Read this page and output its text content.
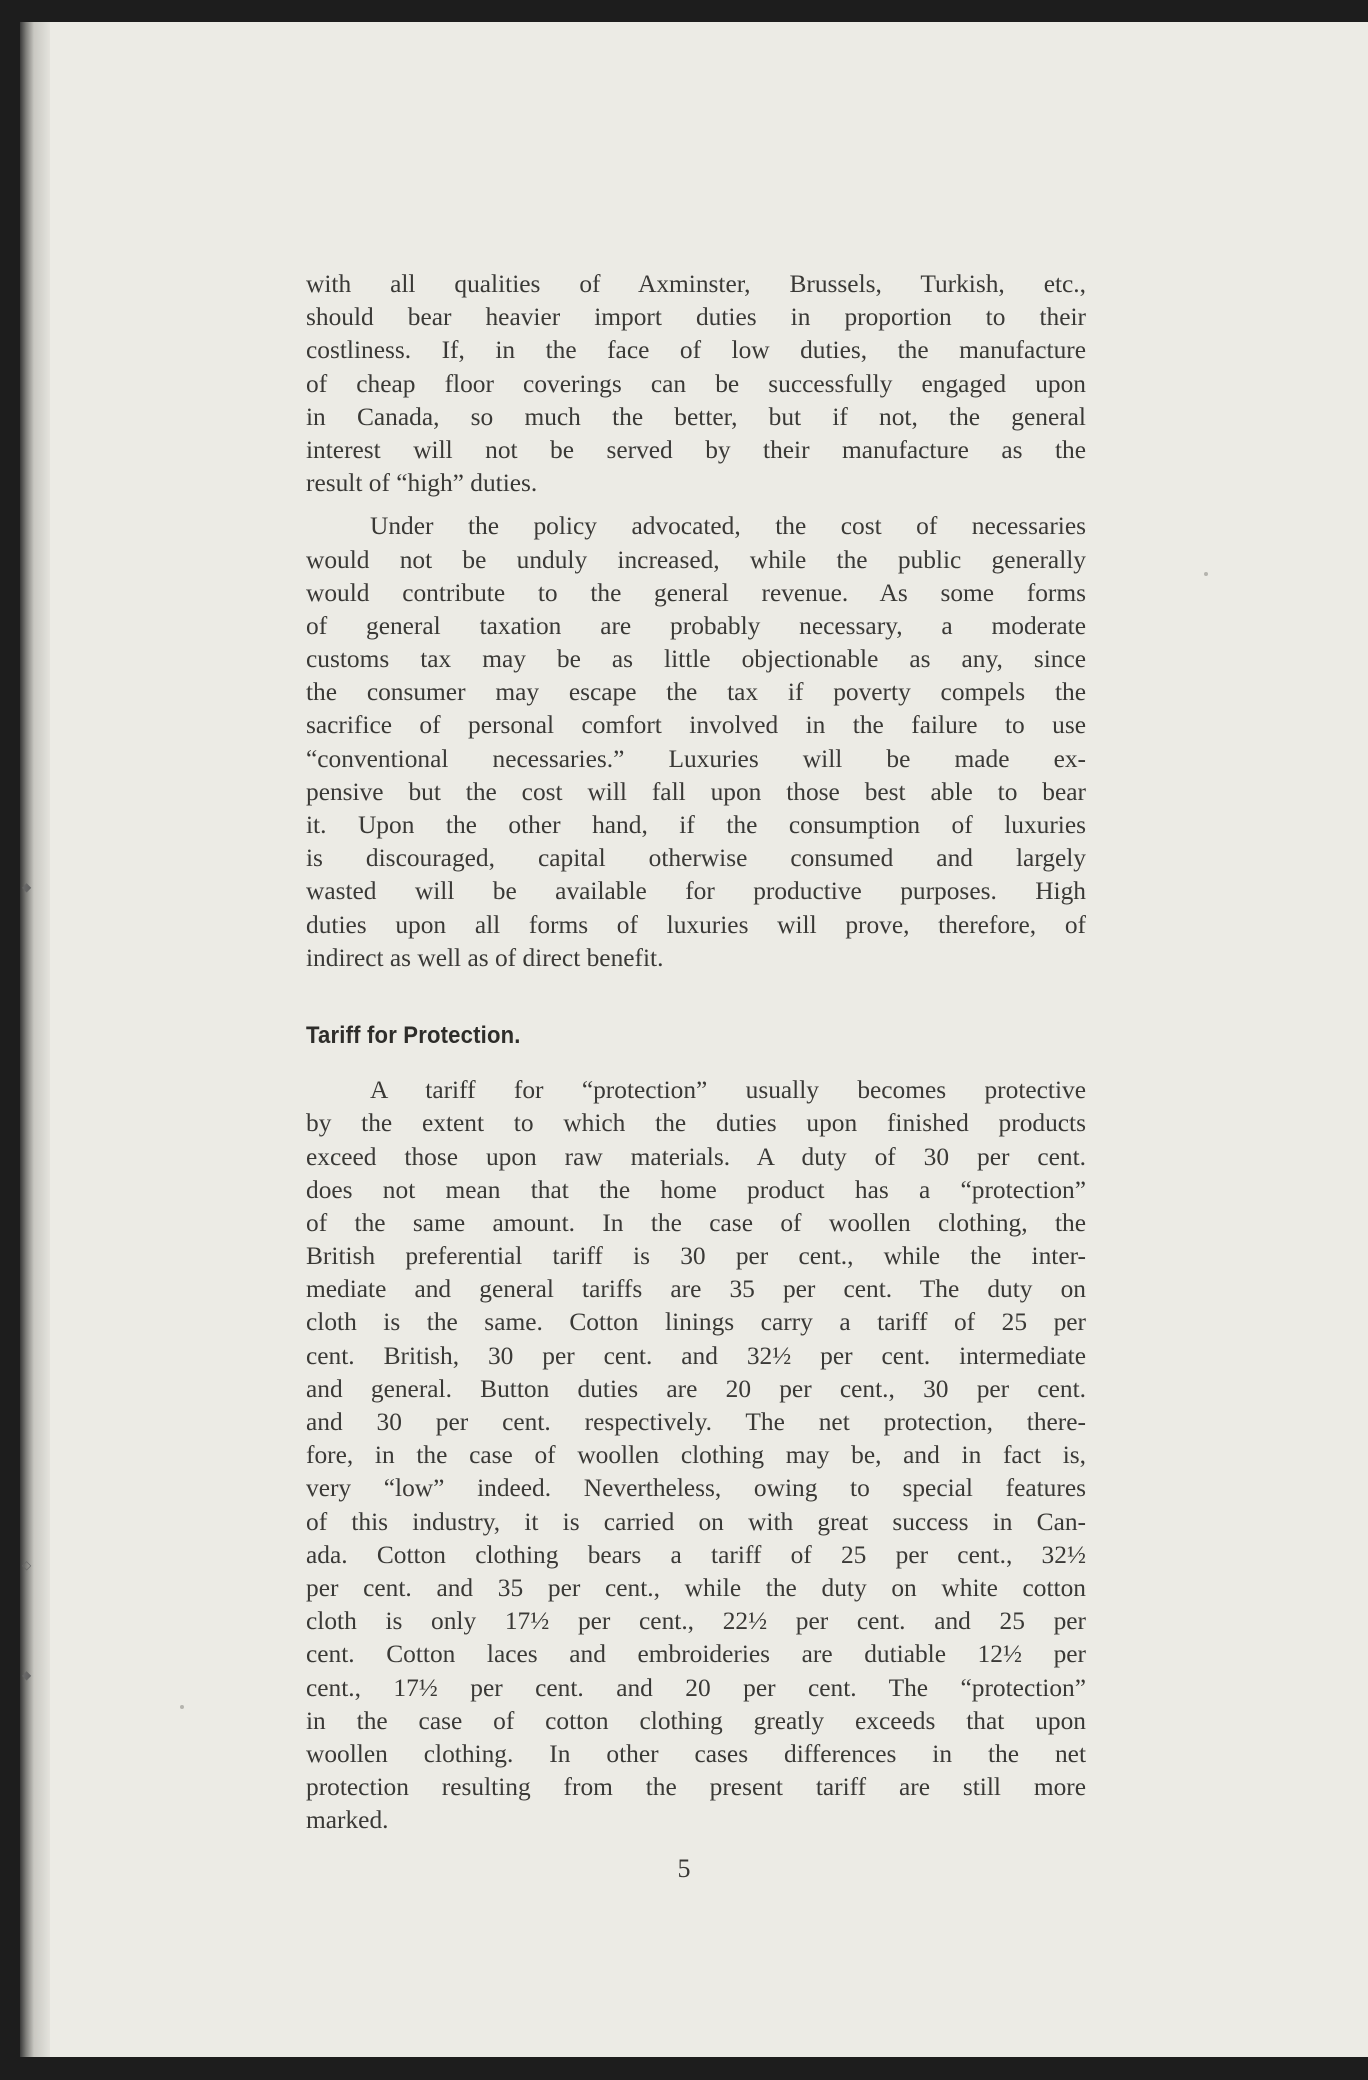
◆
◇
◆
with all qualities of Axminster, Brussels, Turkish, etc.,
should bear heavier import duties in proportion to their
costliness. If, in the face of low duties, the manufacture
of cheap floor coverings can be successfully engaged upon
in Canada, so much the better, but if not, the general
interest will not be served by their manufacture as the
result of “high” duties.
Under the policy advocated, the cost of necessaries
would not be unduly increased, while the public generally
would contribute to the general revenue. As some forms
of general taxation are probably necessary, a moderate
customs tax may be as little objectionable as any, since
the consumer may escape the tax if poverty compels the
sacrifice of personal comfort involved in the failure to use
“conventional necessaries.” Luxuries will be made ex-
pensive but the cost will fall upon those best able to bear
it. Upon the other hand, if the consumption of luxuries
is discouraged, capital otherwise consumed and largely
wasted will be available for productive purposes. High
duties upon all forms of luxuries will prove, therefore, of
indirect as well as of direct benefit.
Tariff for Protection.
A tariff for “protection” usually becomes protective
by the extent to which the duties upon finished products
exceed those upon raw materials. A duty of 30 per cent.
does not mean that the home product has a “protection”
of the same amount. In the case of woollen clothing, the
British preferential tariff is 30 per cent., while the inter-
mediate and general tariffs are 35 per cent. The duty on
cloth is the same. Cotton linings carry a tariff of 25 per
cent. British, 30 per cent. and 32½ per cent. intermediate
and general. Button duties are 20 per cent., 30 per cent.
and 30 per cent. respectively. The net protection, there-
fore, in the case of woollen clothing may be, and in fact is,
very “low” indeed. Nevertheless, owing to special features
of this industry, it is carried on with great success in Can-
ada. Cotton clothing bears a tariff of 25 per cent., 32½
per cent. and 35 per cent., while the duty on white cotton
cloth is only 17½ per cent., 22½ per cent. and 25 per
cent. Cotton laces and embroideries are dutiable 12½ per
cent., 17½ per cent. and 20 per cent. The “protection”
in the case of cotton clothing greatly exceeds that upon
woollen clothing. In other cases differences in the net
protection resulting from the present tariff are still more
marked.
5
